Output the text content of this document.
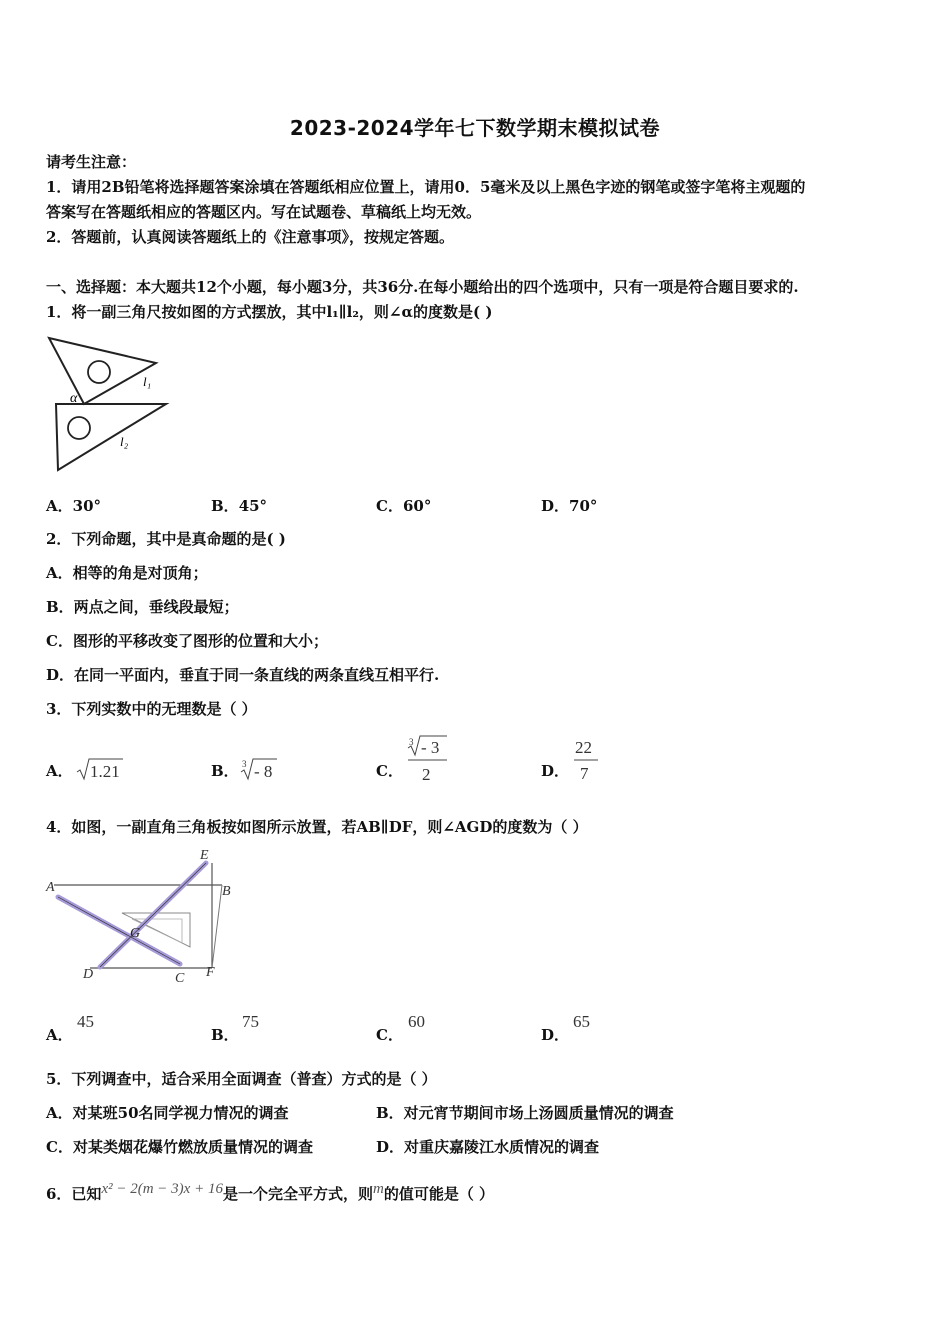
2023-2024学年七下数学期末模拟试卷
请考生注意：
1．请用2B铅笔将选择题答案涂填在答题纸相应位置上，请用0．5毫米及以上黑色字迹的钢笔或签字笔将主观题的
答案写在答题纸相应的答题区内。写在试题卷、草稿纸上均无效。
2．答题前，认真阅读答题纸上的《注意事项》，按规定答题。
一、选择题：本大题共12个小题，每小题3分，共36分.在每小题给出的四个选项中，只有一项是符合题目要求的.
1．将一副三角尺按如图的方式摆放，其中l₁∥l₂，则∠α的度数是( )
α
l₁
l₂
A．30°	B．45°	C．60°	D．70°
2．下列命题，其中是真命题的是( )
A．相等的角是对顶角；
B．两点之间，垂线段最短；
C．图形的平移改变了图形的位置和大小；
D．在同一平面内，垂直于同一条直线的两条直线互相平行.
3．下列实数中的无理数是（ ）
A． 1.21	B． 3 - 8	C．
3 - 3
2	D．
22
7
4．如图，一副直角三角板按如图所示放置，若AB∥DF，则∠AGD的度数为（ ）
A	B
C
D
E
F
G
A．
45
B．
75
C．
60
D．
65
5．下列调查中，适合采用全面调查（普查）方式的是（ ）
A．对某班50名同学视力情况的调查	B．对元宵节期间市场上汤圆质量情况的调查
C．对某类烟花爆竹燃放质量情况的调查	D．对重庆嘉陵江水质情况的调查
6．已知x² − 2(m − 3)x + 16是一个完全平方式，则m的值可能是（ ）
